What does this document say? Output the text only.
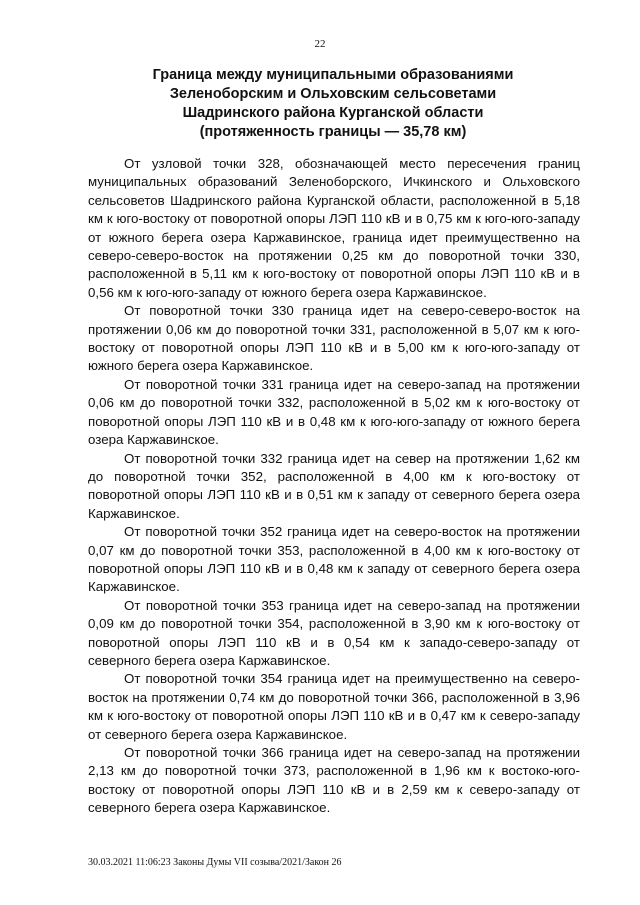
22
Граница между муниципальными образованиями
Зеленоборским и Ольховским сельсоветами
Шадринского района Курганской области
(протяженность границы — 35,78 км)

От узловой точки 328, обозначающей место пересечения границ муниципальных образований Зеленоборского, Ичкинского и Ольховского сельсоветов Шадринского района Курганской области, расположенной в 5,18 км к юго-востоку от поворотной опоры ЛЭП 110 кВ и в 0,75 км к юго-юго-западу от южного берега озера Каржавинское, граница идет преимущественно на северо-северо-восток на протяжении 0,25 км до поворотной точки 330, расположенной в 5,11 км к юго-востоку от поворотной опоры ЛЭП 110 кВ и в 0,56 км к юго-юго-западу от южного берега озера Каржавинское.

От поворотной точки 330 граница идет на северо-северо-восток на протяжении 0,06 км до поворотной точки 331, расположенной в 5,07 км к юго-востоку от поворотной опоры ЛЭП 110 кВ и в 5,00 км к юго-юго-западу от южного берега озера Каржавинское.

От поворотной точки 331 граница идет на северо-запад на протяжении 0,06 км до поворотной точки 332, расположенной в 5,02 км к юго-востоку от поворотной опоры ЛЭП 110 кВ и в 0,48 км к юго-юго-западу от южного берега озера Каржавинское.

От поворотной точки 332 граница идет на север на протяжении 1,62 км до поворотной точки 352, расположенной в 4,00 км к юго-востоку от поворотной опоры ЛЭП 110 кВ и в 0,51 км к западу от северного берега озера Каржавинское.

От поворотной точки 352 граница идет на северо-восток на протяжении 0,07 км до поворотной точки 353, расположенной в 4,00 км к юго-востоку от поворотной опоры ЛЭП 110 кВ и в 0,48 км к западу от северного берега озера Каржавинское.

От поворотной точки 353 граница идет на северо-запад на протяжении 0,09 км до поворотной точки 354, расположенной в 3,90 км к юго-востоку от поворотной опоры ЛЭП 110 кВ и в 0,54 км к западо-северо-западу от северного берега озера Каржавинское.

От поворотной точки 354 граница идет на преимущественно на северо-восток на протяжении 0,74 км до поворотной точки 366, расположенной в 3,96 км к юго-востоку от поворотной опоры ЛЭП 110 кВ и в 0,47 км к северо-западу от северного берега озера Каржавинское.

От поворотной точки 366 граница идет на северо-запад на протяжении 2,13 км до поворотной точки 373, расположенной в 1,96 км к востоко-юго-востоку от поворотной опоры ЛЭП 110 кВ и в 2,59 км к северо-западу от северного берега озера Каржавинское.

30.03.2021 11:06:23 Законы Думы VII созыва/2021/Закон 26
